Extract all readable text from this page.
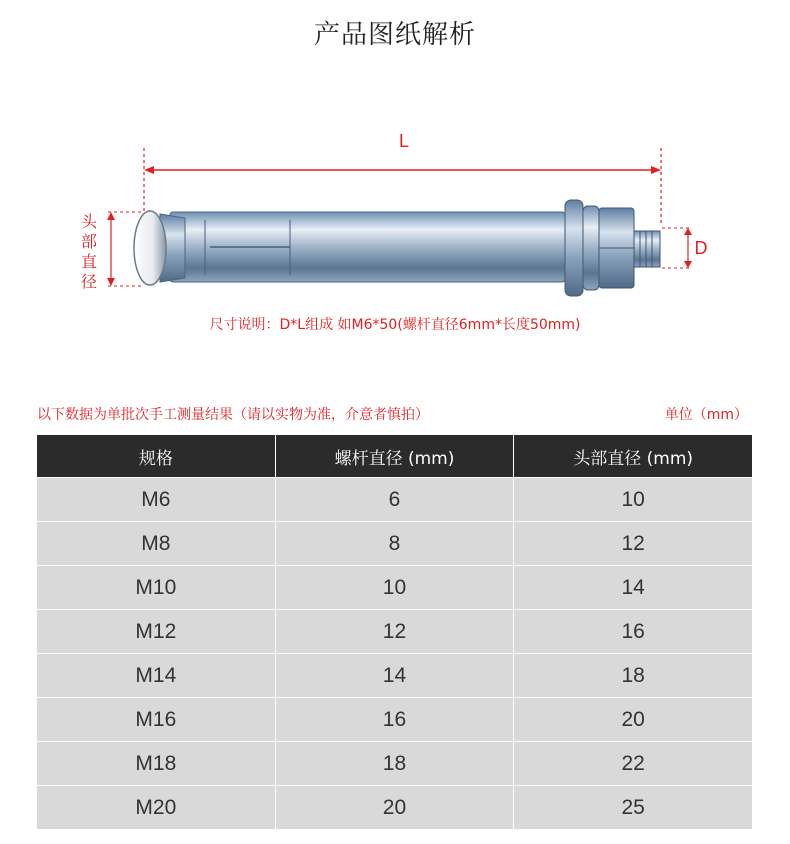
产品图纸解析
L
头
部
直
径
D
尺寸说明：D*L组成 如M6*50(螺杆直径6mm*长度50mm)
以下数据为单批次手工测量结果（请以实物为准，介意者慎拍）	单位（mm）
规格	螺杆直径 (mm)	头部直径 (mm)
M6	6	10
M8	8	12
M10	10	14
M12	12	16
M14	14	18
M16	16	20
M18	18	22
M20	20	25
